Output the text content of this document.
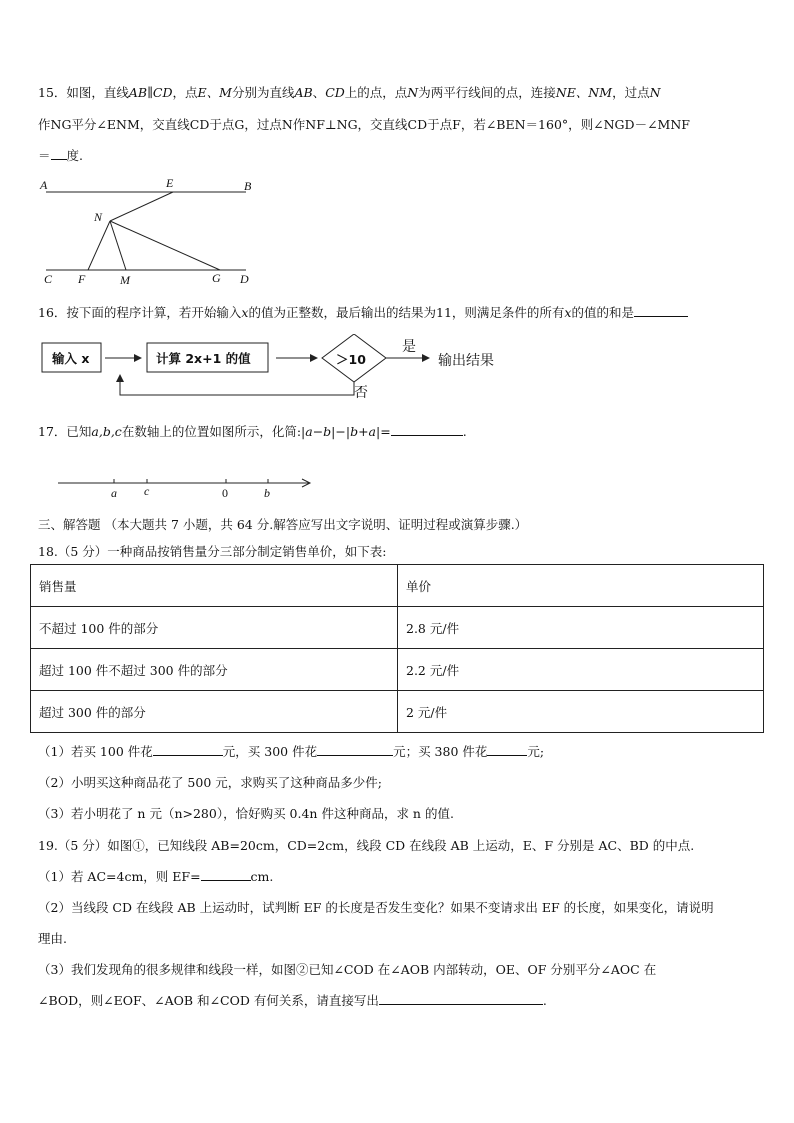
15．如图，直线AB∥CD，点E、M分别为直线AB、CD上的点，点N为两平行线间的点，连接NE、NM，过点N
作NG平分∠ENM，交直线CD于点G，过点N作NF⊥NG，交直线CD于点F，若∠BEN＝160°，则∠NGD－∠MNF
＝ 度.
A	E	B
N
C F	M	G D
16．按下面的程序计算，若开始输入x的值为正整数，最后输出的结果为11，则满足条件的所有x的值的和是
输入 x	计算 2x+1 的值	＞10
是
否
输出结果
17．已知a,b,c在数轴上的位置如图所示，化简:|a−b|−|b+a|=	.
a c	0	b
三、解答题 （本大题共 7 小题，共 64 分.解答应写出文字说明、证明过程或演算步骤.）
18.（5 分）一种商品按销售量分三部分制定销售单价，如下表:
销售量	单价
不超过 100 件的部分	2.8 元/件
超过 100 件不超过 300 件的部分	2.2 元/件
超过 300 件的部分	2 元/件
（1）若买 100 件花	元，买 300 件花	元；买 380 件花	元;
（2）小明买这种商品花了 500 元，求购买了这种商品多少件;
（3）若小明花了 n 元（n>280），恰好购买 0.4n 件这种商品，求 n 的值.
19.（5 分）如图①，已知线段 AB=20cm，CD=2cm，线段 CD 在线段 AB 上运动，E、F 分别是 AC、BD 的中点.
（1）若 AC=4cm，则 EF=	cm.
（2）当线段 CD 在线段 AB 上运动时，试判断 EF 的长度是否发生变化？如果不变请求出 EF 的长度，如果变化，请说明
理由.
（3）我们发现角的很多规律和线段一样，如图②已知∠COD 在∠AOB 内部转动，OE、OF 分别平分∠AOC 在
∠BOD，则∠EOF、∠AOB 和∠COD 有何关系，请直接写出	.
